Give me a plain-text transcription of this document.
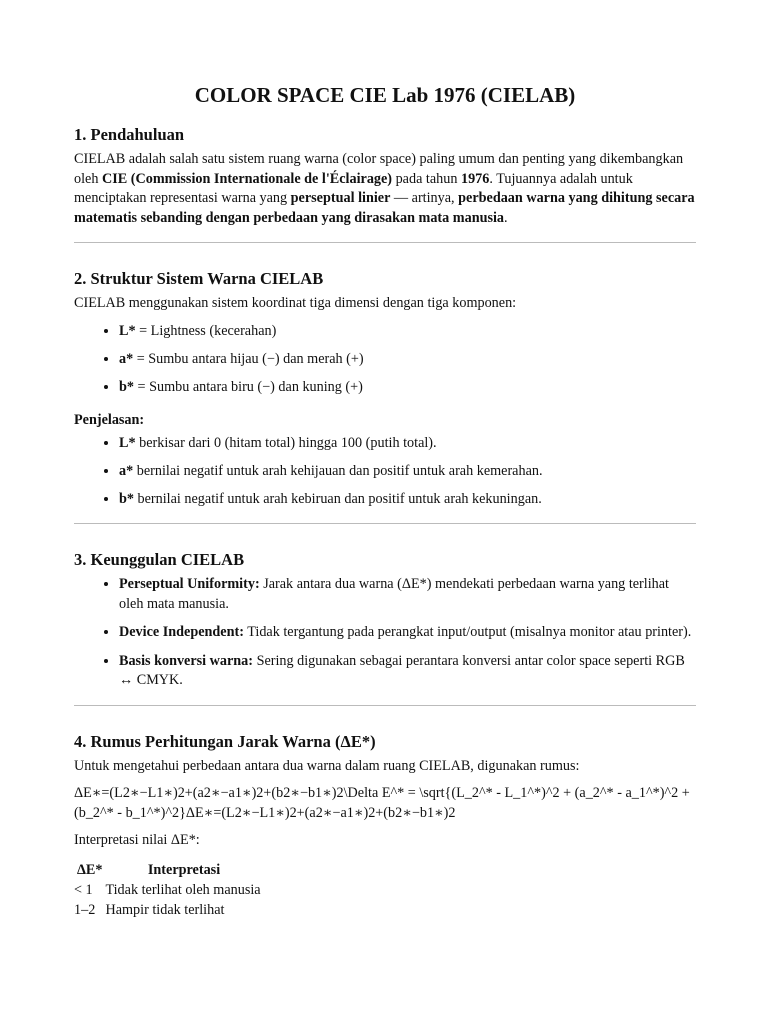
COLOR SPACE CIE Lab 1976 (CIELAB)
1. Pendahuluan

CIELAB adalah salah satu sistem ruang warna (color space) paling umum dan penting yang dikembangkan oleh CIE (Commission Internationale de l'Éclairage) pada tahun 1976. Tujuannya adalah untuk menciptakan representasi warna yang perseptual linier — artinya, perbedaan warna yang dihitung secara matematis sebanding dengan perbedaan yang dirasakan mata manusia.

2. Struktur Sistem Warna CIELAB

CIELAB menggunakan sistem koordinat tiga dimensi dengan tiga komponen:

• L* = Lightness (kecerahan)
• a* = Sumbu antara hijau (−) dan merah (+)
• b* = Sumbu antara biru (−) dan kuning (+)
Penjelasan:
• L* berkisar dari 0 (hitam total) hingga 100 (putih total).
• a* bernilai negatif untuk arah kehijauan dan positif untuk arah kemerahan.
• b* bernilai negatif untuk arah kebiruan dan positif untuk arah kekuningan.
3. Keunggulan CIELAB
• Perseptual Uniformity: Jarak antara dua warna (ΔE*) mendekati perbedaan warna yang terlihat oleh mata manusia.
• Device Independent: Tidak tergantung pada perangkat input/output (misalnya monitor atau printer).
• Basis konversi warna: Sering digunakan sebagai perantara konversi antar color space seperti RGB ↔ CMYK.
4. Rumus Perhitungan Jarak Warna (ΔE*)

Untuk mengetahui perbedaan antara dua warna dalam ruang CIELAB, digunakan rumus:

ΔE∗=(L2∗−L1∗)2+(a2∗−a1∗)2+(b2∗−b1∗)2\Delta E^* = \sqrt{(L_2^* - L_1^*)^2 + (a_2^* - a_1^*)^2 + (b_2^* - b_1^*)^2}ΔE∗=(L2∗−L1∗)2+(a2∗−a1∗)2+(b2∗−b1∗)2

Interpretasi nilai ΔE*:

ΔE*	Interpretasi
< 1	Tidak terlihat oleh manusia
1–2	Hampir tidak terlihat
